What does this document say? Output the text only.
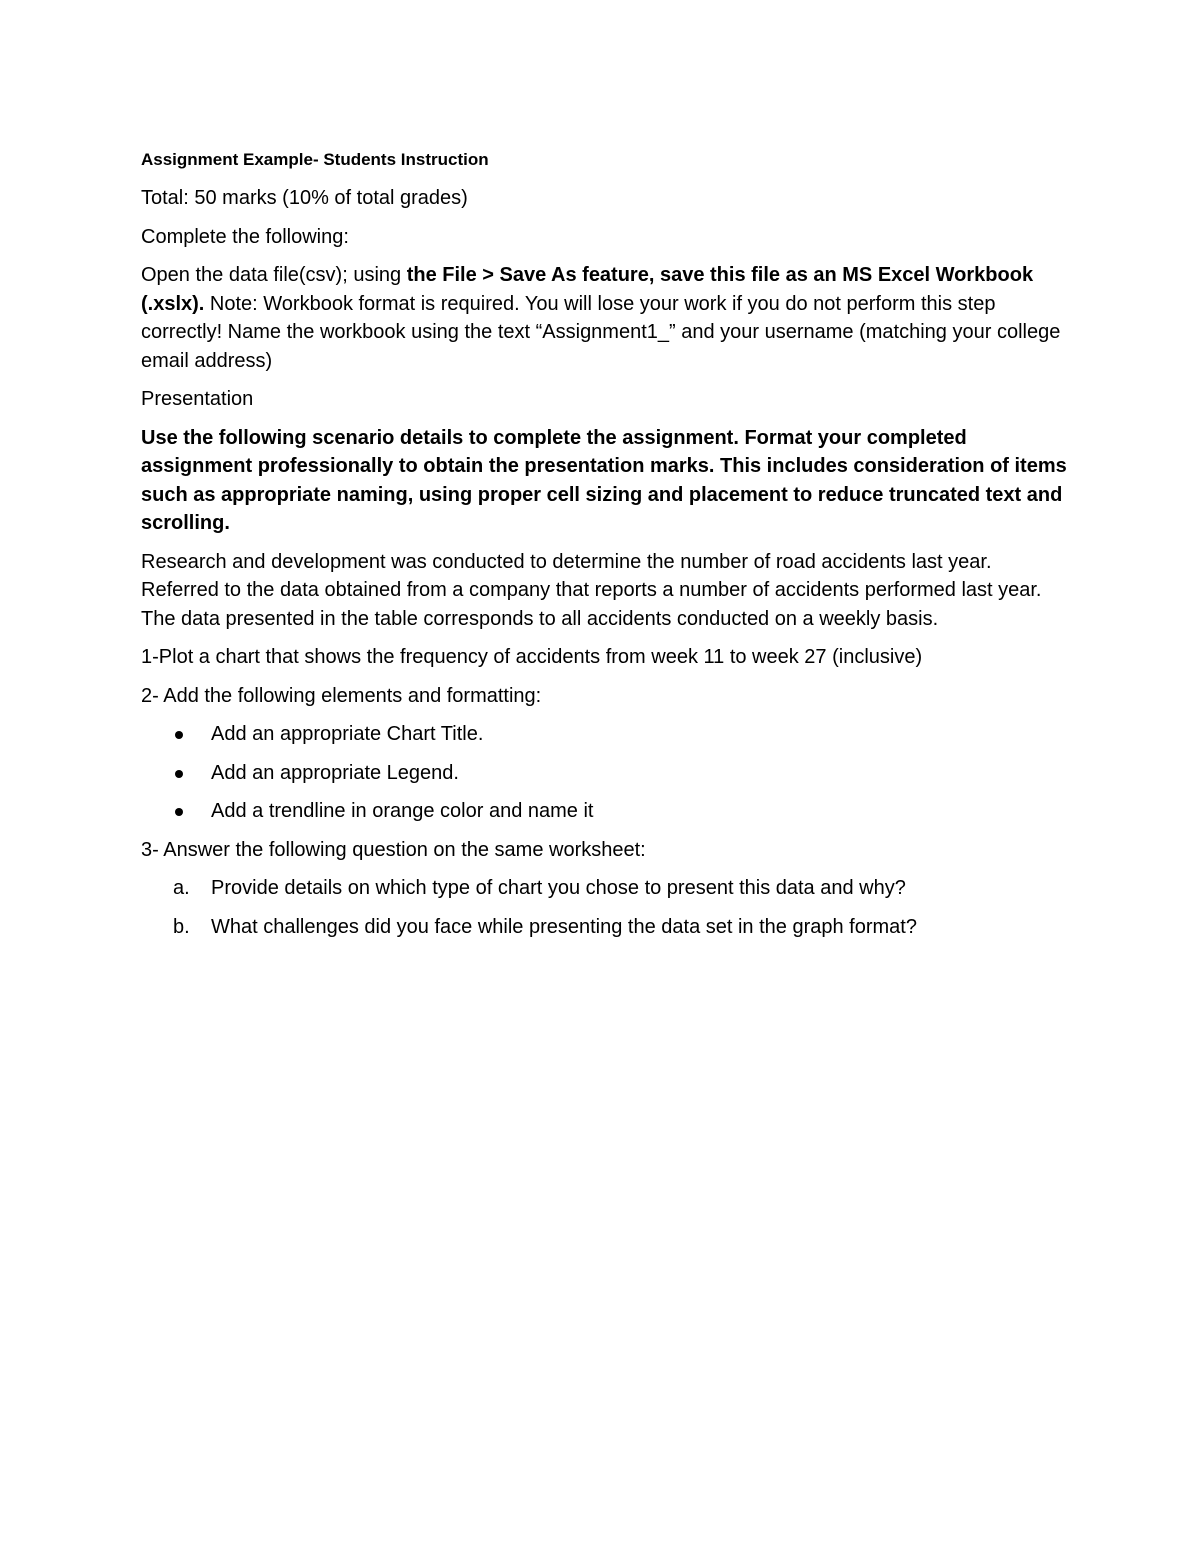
Assignment Example- Students Instruction

Total: 50 marks (10% of total grades)

Complete the following:

Open the data file(csv); using the File > Save As feature, save this file as an MS Excel Workbook (.xslx). Note: Workbook format is required. You will lose your work if you do not perform this step correctly! Name the workbook using the text “Assignment1_” and your username (matching your college email address)

Presentation

Use the following scenario details to complete the assignment. Format your completed assignment professionally to obtain the presentation marks. This includes consideration of items such as appropriate naming, using proper cell sizing and placement to reduce truncated text and scrolling.

Research and development was conducted to determine the number of road accidents last year. Referred to the data obtained from a company that reports a number of accidents performed last year. The data presented in the table corresponds to all accidents conducted on a weekly basis.

1-Plot a chart that shows the frequency of accidents from week 11 to week 27 (inclusive)

2- Add the following elements and formatting:

Add an appropriate Chart Title.
Add an appropriate Legend.
Add a trendline in orange color and name it

3- Answer the following question on the same worksheet:

a. Provide details on which type of chart you chose to present this data and why?
b. What challenges did you face while presenting the data set in the graph format?
